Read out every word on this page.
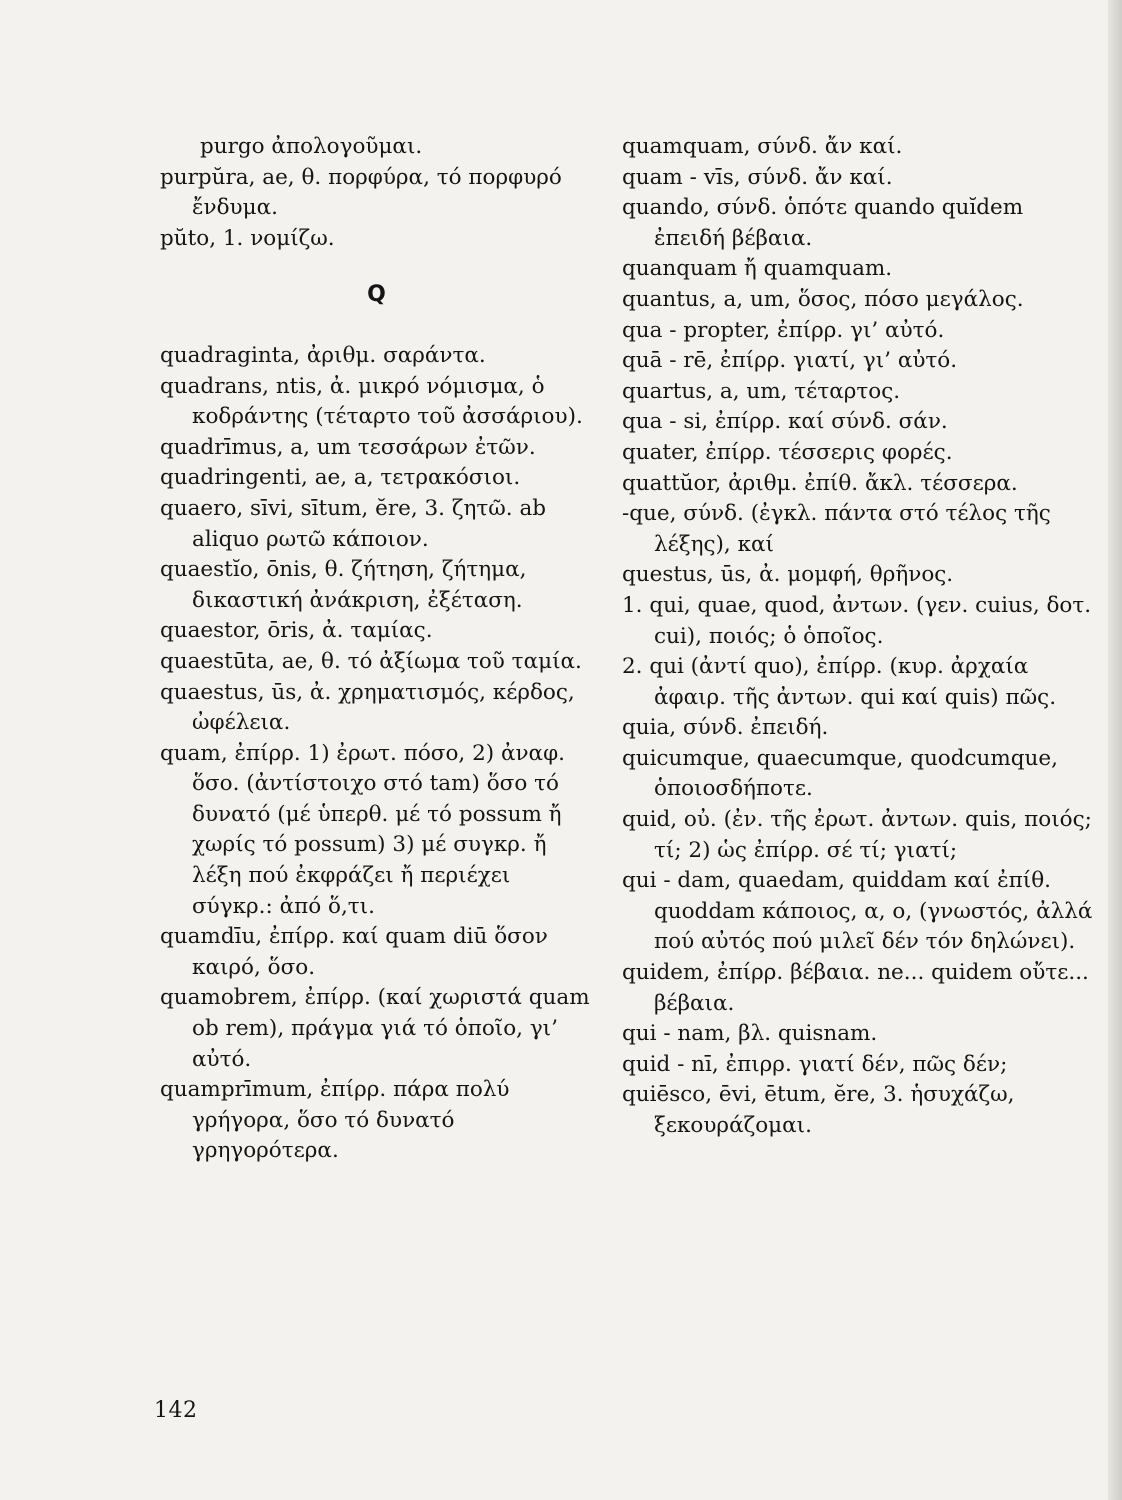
purgo ἀπολογοῦμαι.
purpŭra, ae, θ. πορφύρα, τό πορφυρό ἔνδυμα.
pŭto, 1. νομίζω.
Q
quadraginta, ἀριθμ. σαράντα.
quadrans, ntis, ἀ. μικρό νόμισμα, ὁ κοδράντης (τέταρτο τοῦ ἀσσάριου).
quadrīmus, a, um τεσσάρων ἐτῶν.
quadringenti, ae, a, τετρακόσιοι.
quaero, sīvi, sītum, ĕre, 3. ζητῶ. ab aliquo ρωτῶ κάποιον.
quaestĭo, ōnis, θ. ζήτηση, ζήτημα, δικαστική ἀνάκριση, ἐξέταση.
quaestor, ōris, ἀ. ταμίας.
quaestūta, ae, θ. τό ἀξίωμα τοῦ ταμία.
quaestus, ūs, ἀ. χρηματισμός, κέρδος, ὠφέλεια.
quam, ἐπίρρ. 1) ἐρωτ. πόσο, 2) ἀναφ. ὅσο. (ἀντίστοιχο στό tam) ὅσο τό δυνατό (μέ ὑπερθ. μέ τό possum ἤ χωρίς τό possum) 3) μέ συγκρ. ἤ λέξη πού ἐκφράζει ἤ περιέχει σύγκρ.: ἀπό ὅ,τι.
quamdīu, ἐπίρρ. καί quam diū ὅσον καιρό, ὅσο.
quamobrem, ἐπίρρ. (καί χωριστά quam ob rem), πράγμα γιά τό ὁποῖο, γι’ αὐτό.
quamprīmum, ἐπίρρ. πάρα πολύ γρήγορα, ὅσο τό δυνατό γρηγορότερα.
quamquam, σύνδ. ἄν καί.
quam - vīs, σύνδ. ἄν καί.
quando, σύνδ. ὁπότε quando quĭdem ἐπειδή βέβαια.
quanquam ἤ quamquam.
quantus, a, um, ὅσος, πόσο μεγάλος.
qua - propter, ἐπίρρ. γι’ αὐτό.
quā - rē, ἐπίρρ. γιατί, γι’ αὐτό.
quartus, a, um, τέταρτος.
qua - si, ἐπίρρ. καί σύνδ. σάν.
quater, ἐπίρρ. τέσσερις φορές.
quattŭor, ἀριθμ. ἐπίθ. ἄκλ. τέσσερα.
-que, σύνδ. (ἐγκλ. πάντα στό τέλος τῆς λέξης), καί
questus, ūs, ἀ. μομφή, θρῆνος.
1. qui, quae, quod, ἀντων. (γεν. cuius, δοτ. cui), ποιός; ὁ ὁποῖος.
2. qui (ἀντί quo), ἐπίρρ. (κυρ. ἀρχαία ἀφαιρ. τῆς ἀντων. qui καί quis) πῶς.
quia, σύνδ. ἐπειδή.
quicumque, quaecumque, quodcumque, ὁποιοσδήποτε.
quid, οὐ. (ἐν. τῆς ἐρωτ. ἀντων. quis, ποιός; τί; 2) ὡς ἐπίρρ. σέ τί; γιατί;
qui - dam, quaedam, quiddam καί ἐπίθ. quoddam κάποιος, α, ο, (γνωστός, ἀλλά πού αὐτός πού μιλεῖ δέν τόν δηλώνει).
quidem, ἐπίρρ. βέβαια. ne... quidem οὔτε... βέβαια.
qui - nam, βλ. quisnam.
quid - nī, ἐπιρρ. γιατί δέν, πῶς δέν;
quiēsco, ēvi, ētum, ĕre, 3. ἡσυχάζω, ξεκουράζομαι.
142
